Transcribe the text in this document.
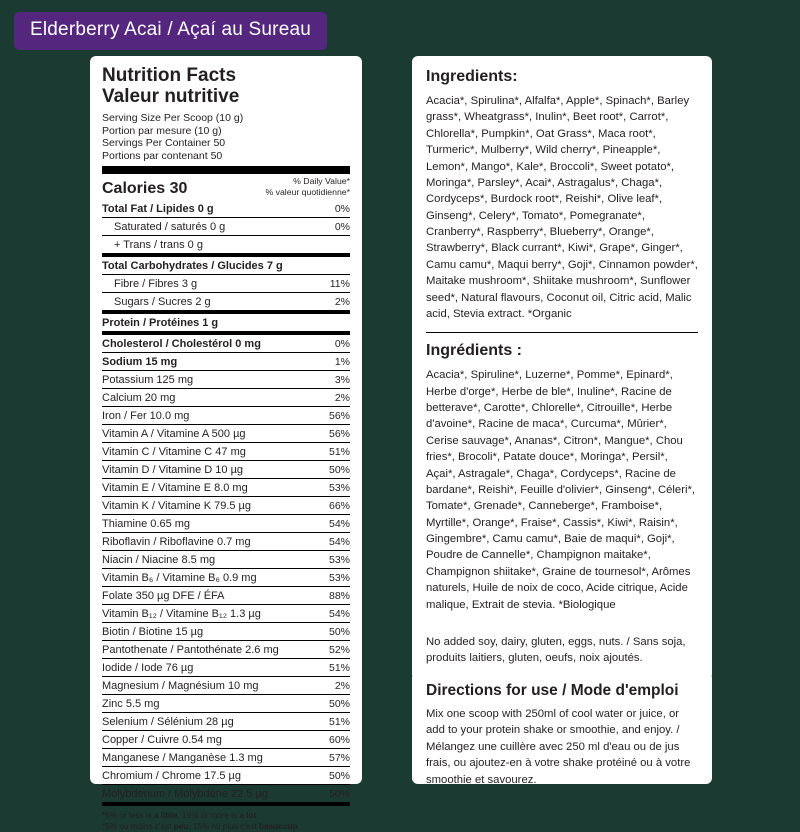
Elderberry Acai / Açaí au Sureau
Nutrition Facts
Valeur nutritive
Serving Size Per Scoop (10 g)
Portion par mesure (10 g)
Servings Per Container 50
Portions par contenant 50
Calories 30	% Daily Value*
% valeur quotidienne*
Total Fat / Lipides 0 g	0%
Saturated / saturés 0 g	0%
+ Trans / trans 0 g	
Total Carbohydrates / Glucides 7 g	
Fibre / Fibres 3 g	11%
Sugars / Sucres 2 g	2%
Protein / Protéines 1 g	
Cholesterol / Cholestérol 0 mg	0%
Sodium 15 mg	1%
Potassium 125 mg	3%
Calcium 20 mg	2%
Iron / Fer 10.0 mg	56%
Vitamin A / Vitamine A 500 µg	56%
Vitamin C / Vitamine C 47 mg	51%
Vitamin D / Vitamine D 10 µg	50%
Vitamin E / Vitamine E 8.0 mg	53%
Vitamin K / Vitamine K 79.5 µg	66%
Thiamine 0.65 mg	54%
Riboflavin / Riboflavine 0.7 mg	54%
Niacin / Niacine 8.5 mg	53%
Vitamin B₆ / Vitamine B₆ 0.9 mg	53%
Folate 350 µg DFE / ÉFA	88%
Vitamin B₁₂ / Vitamine B₁₂ 1.3 µg	54%
Biotin / Biotine 15 µg	50%
Pantothenate / Pantothénate 2.6 mg	52%
Iodide / Iode 76 µg	51%
Magnesium / Magnésium 10 mg	2%
Zinc 5.5 mg	50%
Selenium / Sélénium 28 µg	51%
Copper / Cuivre 0.54 mg	60%
Manganese / Manganèse 1.3 mg	57%
Chromium / Chrome 17.5 µg	50%
Molybdenum / Molybdène 22.5 µg	50%
*5% or less is a little, 15% or more is a lot
*5% ou moins c'est peu, 15% ou plus c'est beaucoup
Ingredients:
Acacia*, Spirulina*, Alfalfa*, Apple*, Spinach*, Barley grass*, Wheatgrass*, Inulin*, Beet root*, Carrot*, Chlorella*, Pumpkin*, Oat Grass*, Maca root*, Turmeric*, Mulberry*, Wild cherry*, Pineapple*, Lemon*, Mango*, Kale*, Broccoli*, Sweet potato*, Moringa*, Parsley*, Acai*, Astragalus*, Chaga*, Cordyceps*, Burdock root*, Reishi*, Olive leaf*, Ginseng*, Celery*, Tomato*, Pomegranate*, Cranberry*, Raspberry*, Blueberry*, Orange*, Strawberry*, Black currant*, Kiwi*, Grape*, Ginger*, Camu camu*, Maqui berry*, Goji*, Cinnamon powder*, Maitake mushroom*, Shiitake mushroom*, Sunflower seed*, Natural flavours, Coconut oil, Citric acid, Malic acid, Stevia extract. *Organic
Ingrédients :
Acacia*, Spiruline*, Luzerne*, Pomme*, Epinard*, Herbe d'orge*, Herbe de ble*, Inuline*, Racine de betterave*, Carotte*, Chlorelle*, Citrouille*, Herbe d'avoine*, Racine de maca*, Curcuma*, Mûrier*, Cerise sauvage*, Ananas*, Citron*, Mangue*, Chou fries*, Brocoli*, Patate douce*, Moringa*, Persil*, Açai*, Astragale*, Chaga*, Cordyceps*, Racine de bardane*, Reishi*, Feuille d'olivier*, Ginseng*, Céleri*, Tomate*, Grenade*, Canneberge*, Framboise*, Myrtille*, Orange*, Fraise*, Cassis*, Kiwi*, Raisin*, Gingembre*, Camu camu*, Baie de maqui*, Goji*, Poudre de Cannelle*, Champignon maitake*, Champignon shiitake*, Graine de tournesol*, Arômes naturels, Huile de noix de coco, Acide citrique, Acide malique, Extrait de stevia. *Biologique
No added soy, dairy, gluten, eggs, nuts. / Sans soja, produits laitiers, gluten, oeufs, noix ajoutés.
Directions for use / Mode d'emploi
Mix one scoop with 250ml of cool water or juice, or add to your protein shake or smoothie, and enjoy. / Mélangez une cuillère avec 250 ml d'eau ou de jus frais, ou ajoutez-en à votre shake protéiné ou à votre smoothie et savourez.
